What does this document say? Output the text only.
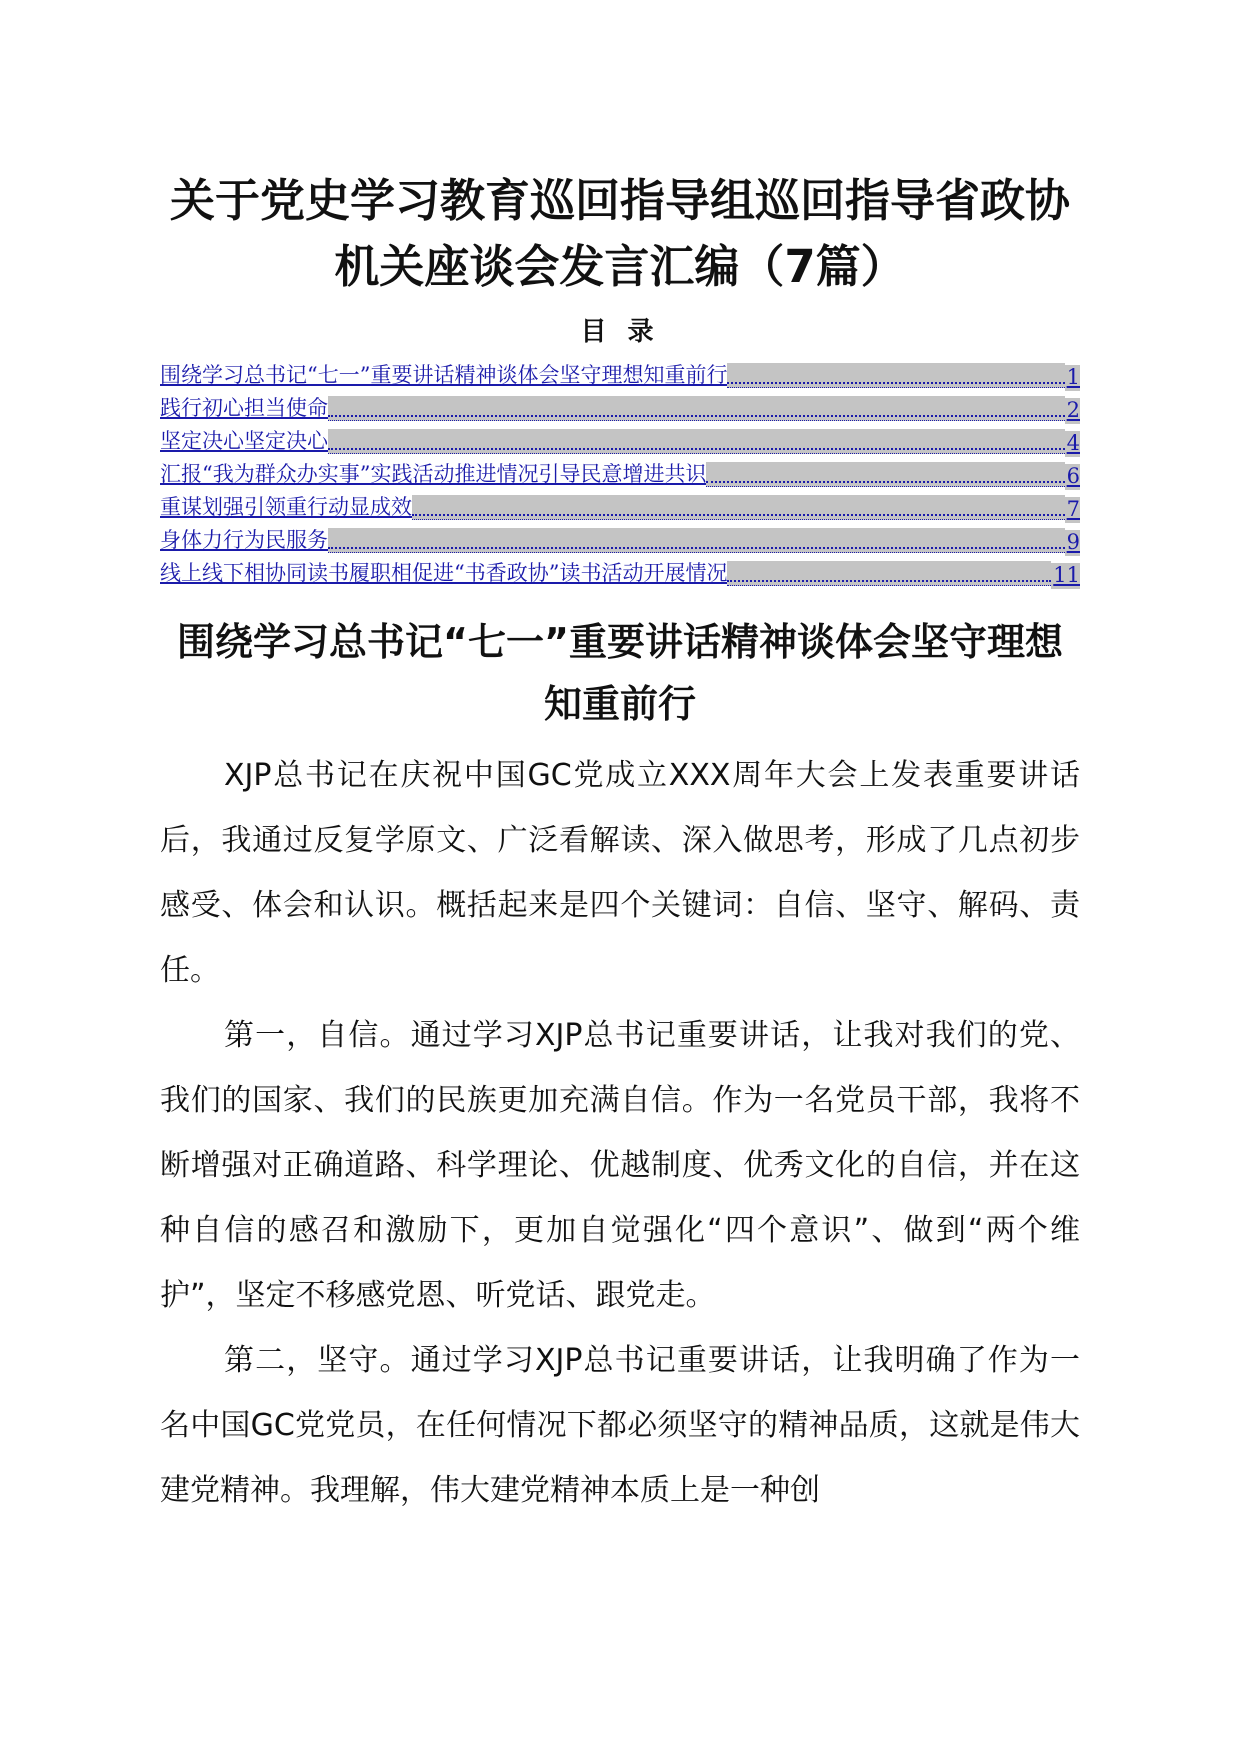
关于党史学习教育巡回指导组巡回指导省政协机关座谈会发言汇编（7篇）
目 录
围绕学习总书记“七一”重要讲话精神谈体会坚守理想知重前行	1
践行初心担当使命	2
坚定决心坚定决心	4
汇报“我为群众办实事”实践活动推进情况引导民意增进共识	6
重谋划强引领重行动显成效	7
身体力行为民服务	9
线上线下相协同读书履职相促进“书香政协”读书活动开展情况	11
围绕学习总书记“七一”重要讲话精神谈体会坚守理想知重前行

XJP总书记在庆祝中国GC党成立XXX周年大会上发表重要讲话后，我通过反复学原文、广泛看解读、深入做思考，形成了几点初步感受、体会和认识。概括起来是四个关键词：自信、坚守、解码、责任。

第一，自信。通过学习XJP总书记重要讲话，让我对我们的党、我们的国家、我们的民族更加充满自信。作为一名党员干部，我将不断增强对正确道路、科学理论、优越制度、优秀文化的自信，并在这种自信的感召和激励下，更加自觉强化“四个意识”、做到“两个维护”，坚定不移感党恩、听党话、跟党走。

第二，坚守。通过学习XJP总书记重要讲话，让我明确了作为一名中国GC党党员，在任何情况下都必须坚守的精神品质，这就是伟大建党精神。我理解，伟大建党精神本质上是一种创
